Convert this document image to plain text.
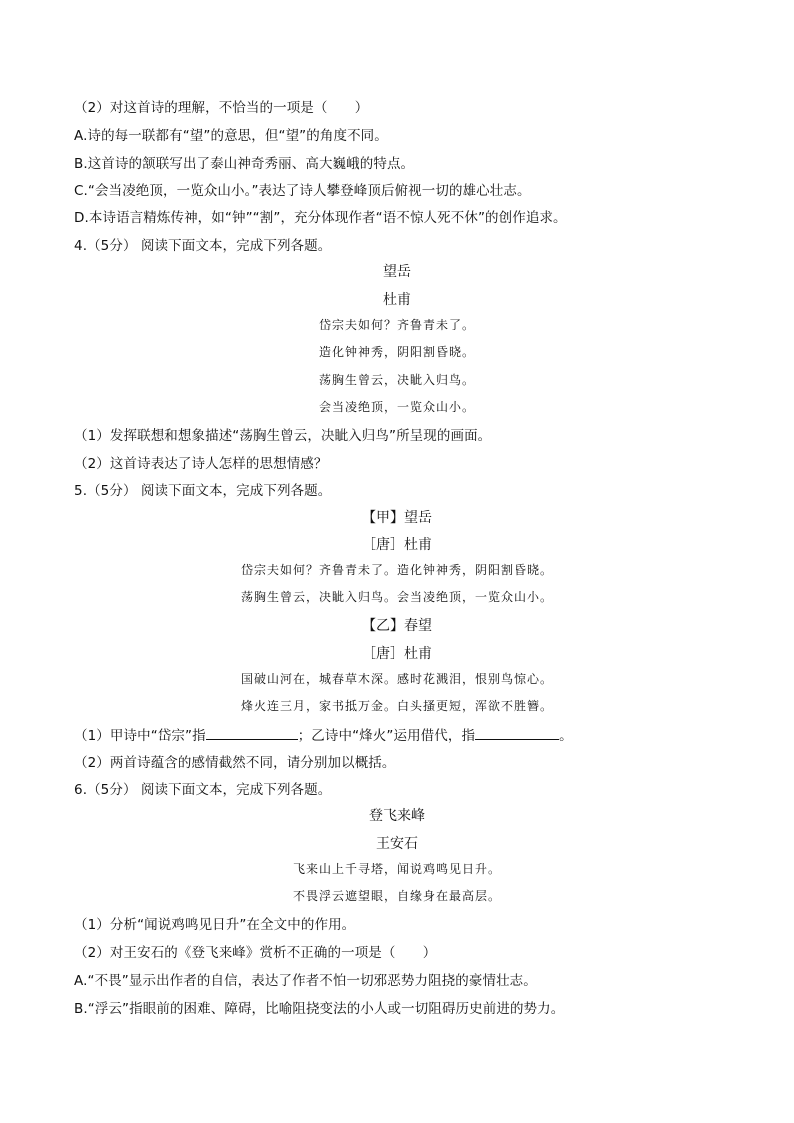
（2）对这首诗的理解，不恰当的一项是（　　）
A.诗的每一联都有“望”的意思，但“望”的角度不同。
B.这首诗的颔联写出了泰山神奇秀丽、高大巍峨的特点。
C.“会当凌绝顶，一览众山小。”表达了诗人攀登峰顶后俯视一切的雄心壮志。
D.本诗语言精炼传神，如“钟”“割”，充分体现作者“语不惊人死不休”的创作追求。
4.（5分） 阅读下面文本，完成下列各题。
望岳
杜甫
岱宗夫如何？齐鲁青未了。
造化钟神秀，阴阳割昏晓。
荡胸生曾云，决眦入归鸟。
会当凌绝顶，一览众山小。
（1）发挥联想和想象描述“荡胸生曾云，决眦入归鸟”所呈现的画面。
（2）这首诗表达了诗人怎样的思想情感？
5.（5分） 阅读下面文本，完成下列各题。
【甲】望岳
［唐］杜甫
岱宗夫如何？齐鲁青未了。造化钟神秀，阴阳割昏晓。
荡胸生曾云，决眦入归鸟。会当凌绝顶，一览众山小。
【乙】春望
［唐］杜甫
国破山河在，城春草木深。感时花溅泪，恨别鸟惊心。
烽火连三月，家书抵万金。白头搔更短，浑欲不胜簪。
（1）甲诗中“岱宗”指	；乙诗中“烽火”运用借代，指	。
（2）两首诗蕴含的感情截然不同，请分别加以概括。
6.（5分） 阅读下面文本，完成下列各题。
登飞来峰
王安石
飞来山上千寻塔，闻说鸡鸣见日升。
不畏浮云遮望眼，自缘身在最高层。
（1）分析“闻说鸡鸣见日升”在全文中的作用。
（2）对王安石的《登飞来峰》赏析不正确的一项是（　　）
A.“不畏”显示出作者的自信，表达了作者不怕一切邪恶势力阻挠的豪情壮志。
B.“浮云”指眼前的困难、障碍，比喻阻挠变法的小人或一切阻碍历史前进的势力。
